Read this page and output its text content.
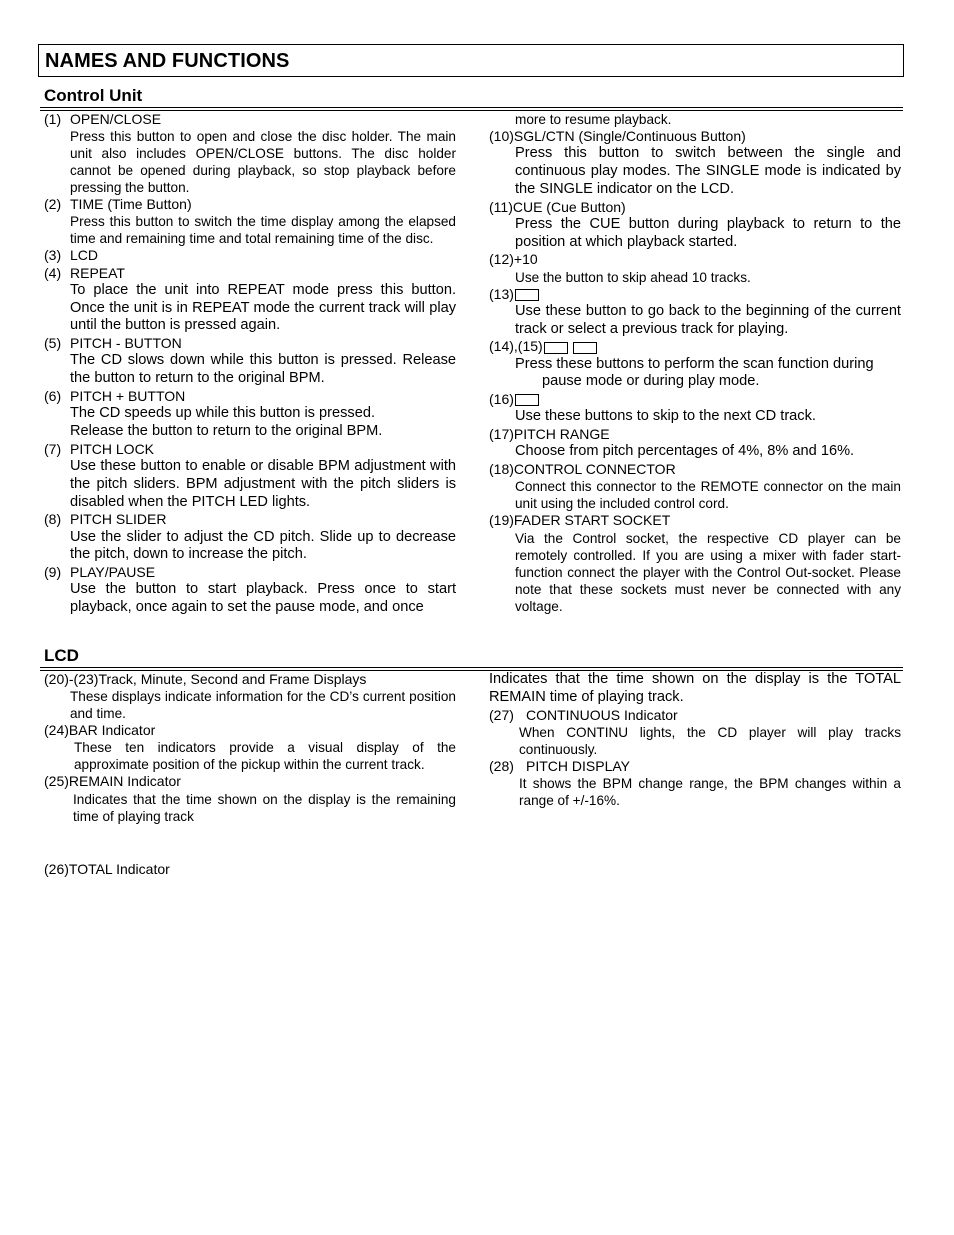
NAMES AND FUNCTIONS
Control Unit
(1) OPEN/CLOSE
Press this button to open and close the disc holder. The main unit also includes OPEN/CLOSE buttons. The disc holder cannot be opened during playback, so stop playback before pressing the button.
(2) TIME (Time Button)
Press this button to switch the time display among the elapsed time and remaining time and total remaining time of the disc.
(3) LCD
(4) REPEAT
To place the unit into REPEAT mode press this button. Once the unit is in REPEAT mode the current track will play until the button is pressed again.
(5) PITCH - BUTTON
The CD slows down while this button is pressed. Release the button to return to the original BPM.
(6) PITCH + BUTTON
The CD speeds up while this button is pressed.
Release the button to return to the original BPM.
(7) PITCH LOCK
Use these button to enable or disable BPM adjustment with the pitch sliders. BPM adjustment with the pitch sliders is disabled when the PITCH LED lights.
(8) PITCH SLIDER
Use the slider to adjust the CD pitch. Slide up to decrease the pitch, down to increase the pitch.
(9) PLAY/PAUSE
Use the button to start playback. Press once to start playback, once again to set the pause mode, and once
more to resume playback.
(10)SGL/CTN (Single/Continuous Button)
Press this button to switch between the single and continuous play modes. The SINGLE mode is indicated by the SINGLE indicator on the LCD.
(11)CUE (Cue Button)
Press the CUE button during playback to return to the position at which playback started.
(12)+10
Use the button to skip ahead 10 tracks.
(13)
Use these button to go back to the beginning of the current track or select a previous track for playing.
(14),(15)
Press these buttons to perform the scan function during
pause mode or during play mode.
(16)
Use these buttons to skip to the next CD track.
(17)PITCH RANGE
Choose from pitch percentages of 4%, 8% and 16%.
(18)CONTROL CONNECTOR
Connect this connector to the REMOTE connector on the main unit using the included control cord.
(19)FADER START SOCKET
Via the Control socket, the respective CD player can be remotely controlled. If you are using a mixer with fader start-function connect the player with the Control Out-socket. Please note that these sockets must never be connected with any voltage.
LCD
(20)-(23)Track, Minute, Second and Frame Displays
These displays indicate information for the CD’s current position and time.
(24)BAR Indicator
These ten indicators provide a visual display of the approximate position of the pickup within the current track.
(25)REMAIN Indicator
Indicates that the time shown on the display is the remaining time of playing track
(26)TOTAL Indicator
Indicates that the time shown on the display is the TOTAL REMAIN time of playing track.
(27) CONTINUOUS Indicator
When CONTINU lights, the CD player will play tracks continuously.
(28) PITCH DISPLAY
It shows the BPM change range, the BPM changes within a range of +/-16%.
